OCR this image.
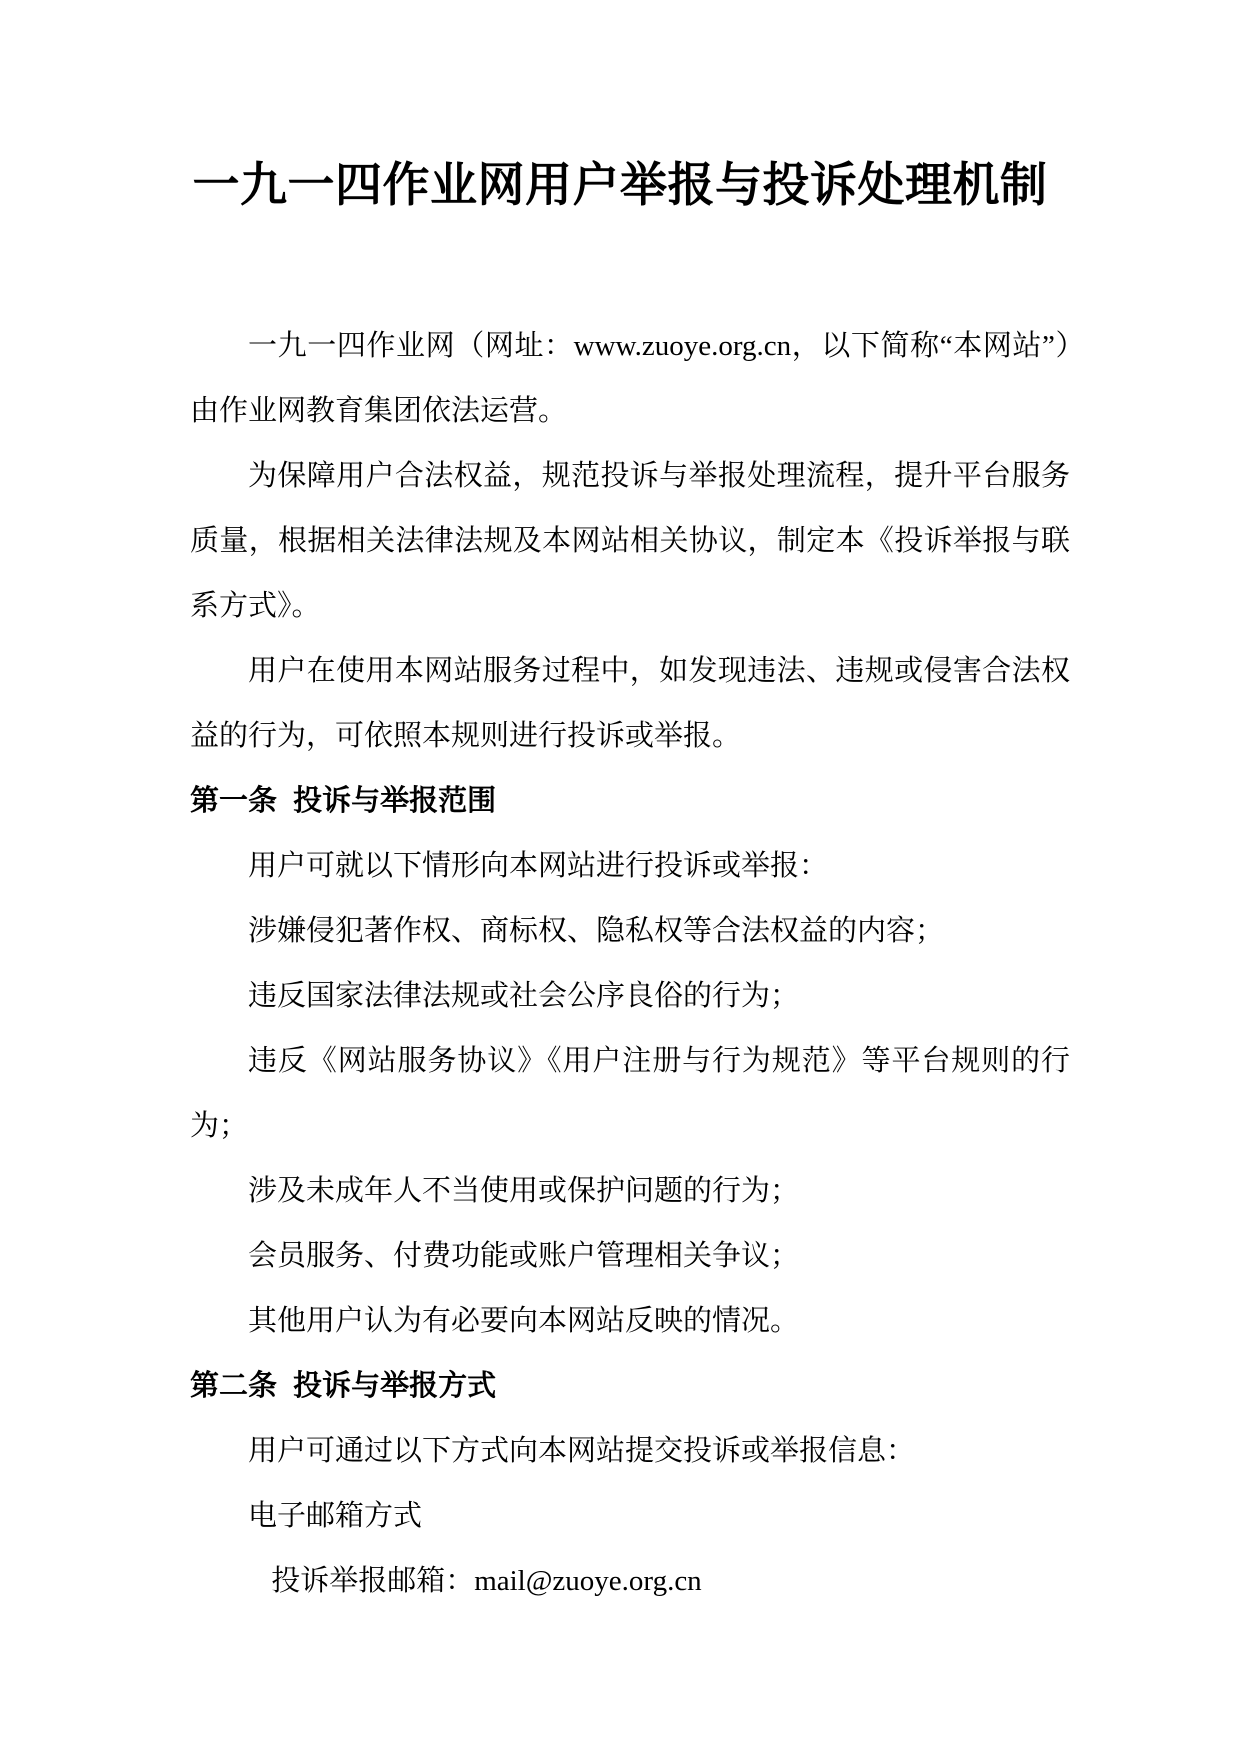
一九一四作业网用户举报与投诉处理机制
一九一四作业网（网址：www.zuoye.org.cn，以下简称“本网站”）由作业网教育集团依法运营。
为保障用户合法权益，规范投诉与举报处理流程，提升平台服务质量，根据相关法律法规及本网站相关协议，制定本《投诉举报与联系方式》。
用户在使用本网站服务过程中，如发现违法、违规或侵害合法权益的行为，可依照本规则进行投诉或举报。
第一条  投诉与举报范围
用户可就以下情形向本网站进行投诉或举报：
涉嫌侵犯著作权、商标权、隐私权等合法权益的内容；
违反国家法律法规或社会公序良俗的行为；
违反《网站服务协议》《用户注册与行为规范》等平台规则的行为；
涉及未成年人不当使用或保护问题的行为；
会员服务、付费功能或账户管理相关争议；
其他用户认为有必要向本网站反映的情况。
第二条  投诉与举报方式
用户可通过以下方式向本网站提交投诉或举报信息：
电子邮箱方式
投诉举报邮箱：mail@zuoye.org.cn
